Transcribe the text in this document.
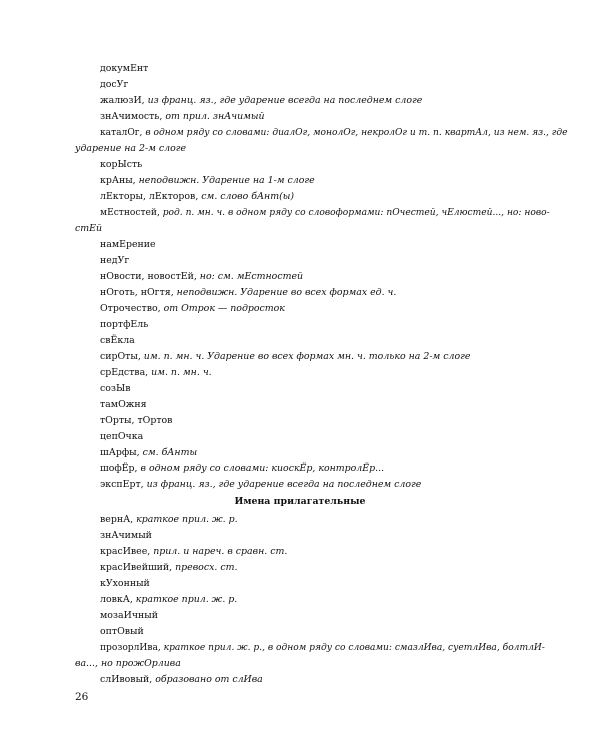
докумЕнт
досУг
жалюзИ, из франц. яз., где ударение всегда на последнем слоге
знАчимость, от прил. знАчимый
каталОг, в одном ряду со словами: диалОг, монолОг, некролОг и т. п. квартАл, из нем. яз., где
ударение на 2-м слоге
корЫсть
крАны, неподвижн. Ударение на 1-м слоге
лЕкторы, лЕкторов, см. слово бАнт(ы)
мЕстностей, род. п. мн. ч. в одном ряду со словоформами: пОчестей, чЕлюстей..., но: ново-
стЕй
намЕрение
недУг
нОвости, новостЕй, но: см. мЕстностей
нОготь, нОгтя, неподвижн. Ударение во всех формах ед. ч.
Отрочество, от Отрок — подросток
портфЕль
свЁкла
сирОты, им. п. мн. ч. Ударение во всех формах мн. ч. только на 2-м слоге
срЕдства, им. п. мн. ч.
созЫв
тамОжня
тОрты, тОртов
цепОчка
шАрфы, см. бАнты
шофЁр, в одном ряду со словами: киоскЁр, контролЁр...
экспЕрт, из франц. яз., где ударение всегда на последнем слоге
Имена прилагательные
вернА, краткое прил. ж. р.
знАчимый
красИвее, прил. и нареч. в сравн. ст.
красИвейший, превосх. ст.
кУхонный
ловкА, краткое прил. ж. р.
мозаИчный
оптОвый
прозорлИва, краткое прил. ж. р., в одном ряду со словами: смазлИва, суетлИва, болтлИ-
ва..., но прожОрлива
слИвовый, образовано от слИва
26
